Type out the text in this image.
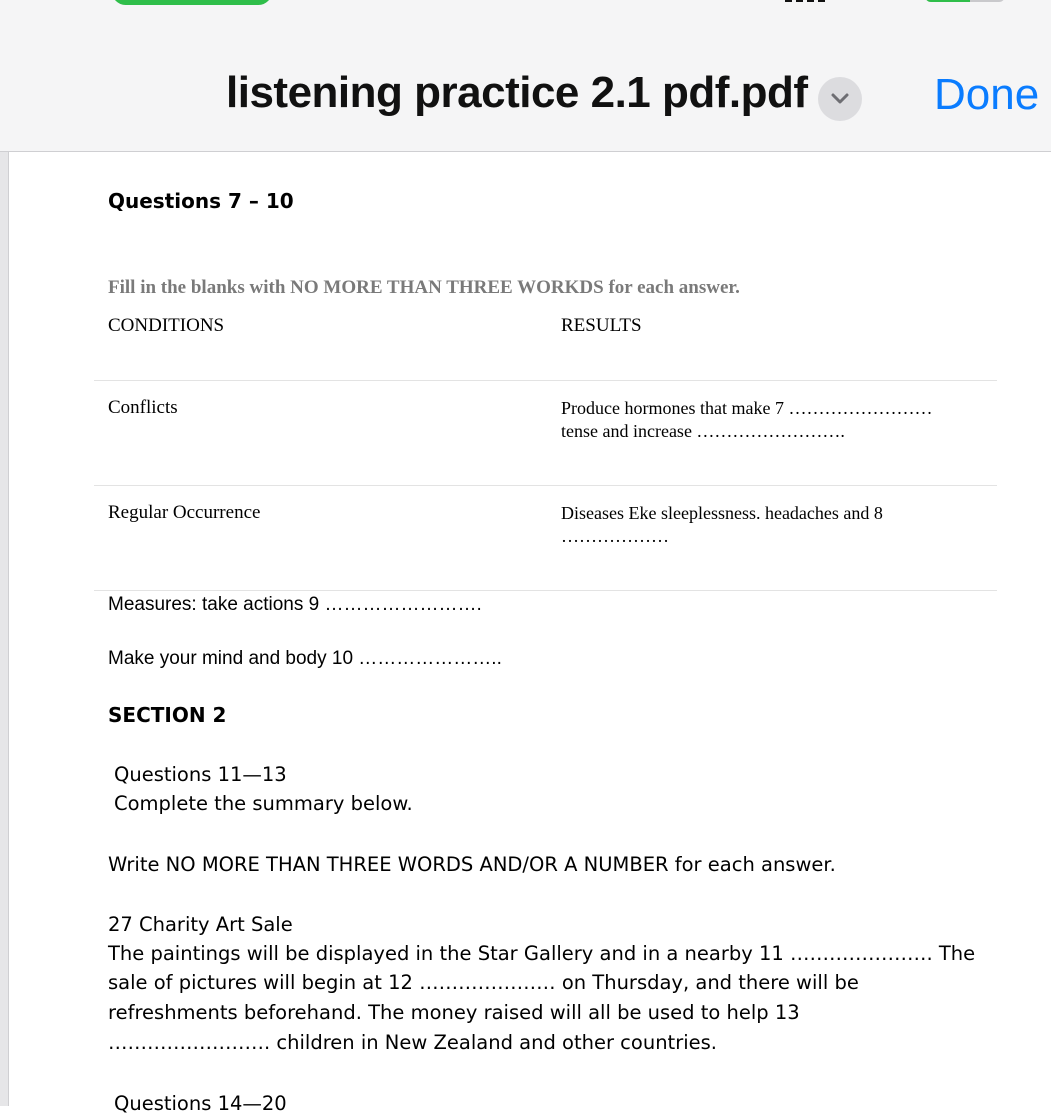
listening practice 2.1 pdf.pdf	Done
Questions 7 – 10
Fill in the blanks with NO MORE THAN THREE WORKDS for each answer.
CONDITIONS	RESULTS
Conflicts	Produce hormones that make 7 ……………………
tense and increase …………………….
Regular Occurrence	Diseases Eke sleeplessness. headaches and 8
………………
Measures: take actions 9 …………………….
Make your mind and body 10 …………………..
SECTION 2
Questions 11—13
Complete the summary below.
Write NO MORE THAN THREE WORDS AND/OR A NUMBER for each answer.
27 Charity Art Sale
The paintings will be displayed in the Star Gallery and in a nearby 11 …………………. The
sale of pictures will begin at 12 ………………… on Thursday, and there will be
refreshments beforehand. The money raised will all be used to help 13
……………………. children in New Zealand and other countries.
Questions 14—20
